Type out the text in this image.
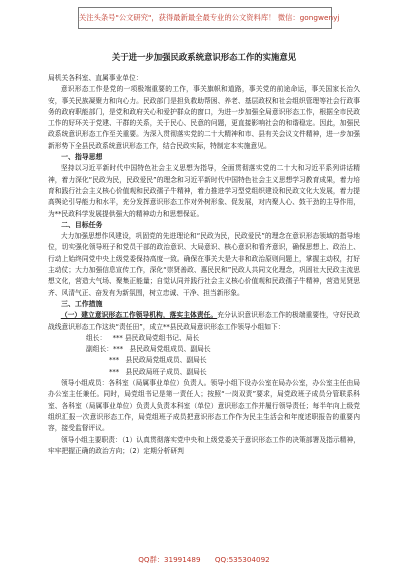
关注头条号"公文研究"，获得最新最全最专业的公文资料库！ 微信：gongwenyj

关于进一步加强民政系统意识形态工作的实施意见

局机关各科室、直属事业单位：

意识形态工作是党的一项极端重要的工作，事关旗帜和道路，事关党的前途命运，事关国家长治久安，事关民族凝聚力和向心力。民政部门是担负救助帮困、养老、基层政权和社会组织管理等社会行政事务的政府职能部门，是党和政府关心和爱护群众的窗口，为进一步加强全局意识形态工作，根据全市民政工作的好环关于党建、干群的关系，关于民心、民意的问题，更直接影响社会的和谐稳定。因此，加强民政系统意识形态工作至关重要。为深入贯彻落实党的二十大精神和市、县有关会议文件精神，进一步加强新形势下全县民政系统意识形态工作，结合民政实际，特制定本实施意见。

一、指导思想

坚持以习近平新时代中国特色社会主义思想为指导，全面贯彻落实党的二十大和习近平系列讲话精神，着力深化“民政为民，民政爱民”的理念和习近平新时代中国特色社会主义思想学习教育成果，着力培育和践行社会主义核心价值观和民政孺子牛精神，着力推进学习型党组织建设和民政文化大发展，着力提高舆论引导能力和水平，充分发挥意识形态工作对外树形象、促发展，对内聚人心、鼓干劲的主导作用，为**民政科学发展提供强大的精神动力和思想保证。

二、目标任务

大力加强思想作风建设，巩固党的先进理论和“民政为民，民政爱民”的理念在意识形态领域的指导地位，切实强化领导班子和党员干部的政治意识、大局意识、核心意识和看齐意识，确保思想上、政治上、行动上始终同党中央上级党委保持高度一致。确保在事关大是大非和政治原则问题上，掌握主动权，打好主动仗；大力加强信息宣传工作，深化“崇贤善政、惠民民和”民政人共同文化理念，巩固社大民政主流思想文化，营造大气场、聚集正能量；自觉认同并践行社会主义核心价值观和民政孺子牛精神，营造见贤思齐、风清气正、奋发有为新氛围，树立忠诚、干净、担当新形象。

三、工作措施

（一）建立意识形态工作领导机构，落实主体责任。充分认识意识形态工作的极端重要性，守好民政战线意识形态工作这块“责任田”，成立**县民政局意识形态工作领导小组如下：

组长：   *** 县民政局党组书记、局长

副组长：***   县民政局党组成员、副局长

***   县民政局党组成员、副局长

***   县民政局班子成员、副局长

领导小组成员：各科室（局属事业单位）负责人。领导小组下设办公室在局办公室，办公室主任由局办公室主任兼任。同时，局党组书记是第一责任人；按照“一岗双责”要求，局党政班子成员分管联系科室、各科室（局属事业单位）负责人负责本科室（单位）意识形态工作并履行领导责任；每半年向上级党组织汇报一次意识形态工作，局党组班子成员把意识形态工作作为民主生活会和年度述职报告的重要内容，接受监督评议。

领导小组主要职责：（1）认真贯彻落实党中央和上级党委关于意识形态工作的决策部署及指示精神，牢牢把握正确的政治方向；（2）定期分析研判

QQ群：31991489 QQ:535304092
